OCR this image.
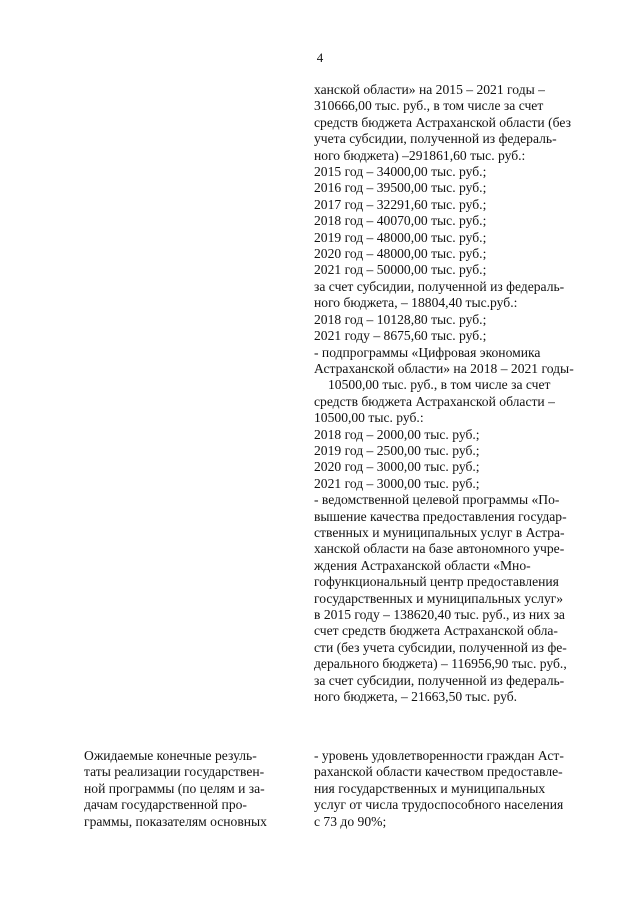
4
ханской области» на 2015 – 2021 годы –
310666,00 тыс. руб., в том числе за счет
средств бюджета Астраханской области (без
учета субсидии, полученной из федераль-
ного бюджета) –291861,60 тыс. руб.:
2015 год – 34000,00 тыс. руб.;
2016 год – 39500,00 тыс. руб.;
2017 год – 32291,60 тыс. руб.;
2018 год – 40070,00 тыс. руб.;
2019 год – 48000,00 тыс. руб.;
2020 год – 48000,00 тыс. руб.;
2021 год – 50000,00 тыс. руб.;
за счет субсидии, полученной из федераль-
ного бюджета, – 18804,40 тыс.руб.:
2018 год – 10128,80 тыс. руб.;
2021 году – 8675,60 тыс. руб.;
- подпрограммы «Цифровая экономика
Астраханской области» на 2018 – 2021 годы-
10500,00 тыс. руб., в том числе за счет
средств бюджета Астраханской области –
10500,00 тыс. руб.:
2018 год – 2000,00 тыс. руб.;
2019 год – 2500,00 тыс. руб.;
2020 год – 3000,00 тыс. руб.;
2021 год – 3000,00 тыс. руб.;
- ведомственной целевой программы «По-
вышение качества предоставления государ-
ственных и муниципальных услуг в Астра-
ханской области на базе автономного учре-
ждения Астраханской области «Мно-
гофункциональный центр предоставления
государственных и муниципальных услуг»
в 2015 году – 138620,40 тыс. руб., из них за
счет средств бюджета Астраханской обла-
сти (без учета субсидии, полученной из фе-
дерального бюджета) – 116956,90 тыс. руб.,
за счет субсидии, полученной из федераль-
ного бюджета, – 21663,50 тыс. руб.
Ожидаемые конечные резуль-
таты реализации государствен-
ной программы (по целям и за-
дачам государственной про-
граммы, показателям основных
- уровень удовлетворенности граждан Аст-
раханской области качеством предоставле-
ния государственных и муниципальных
услуг от числа трудоспособного населения
с 73 до 90%;
